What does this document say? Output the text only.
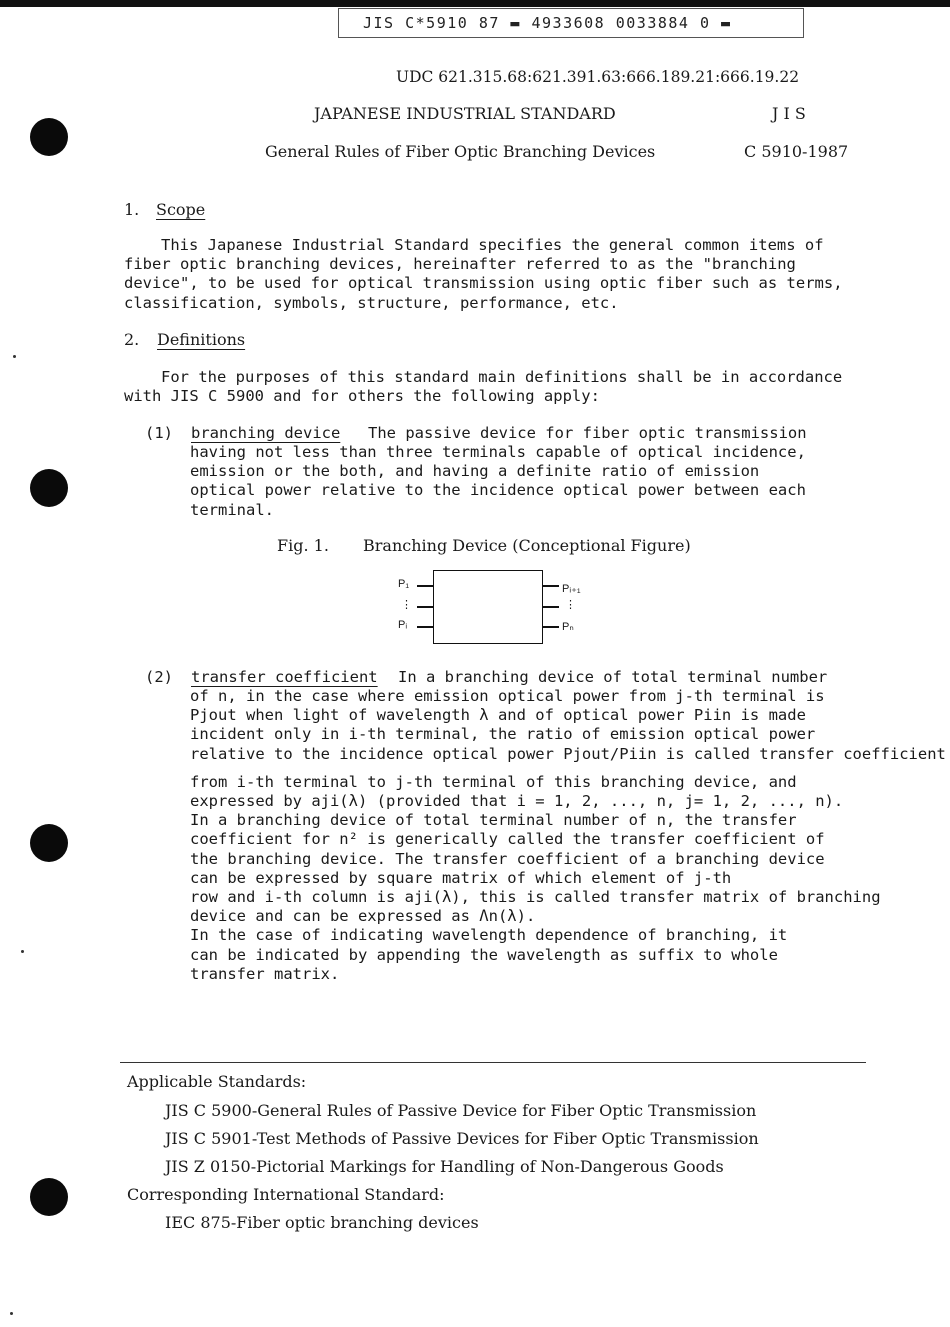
JIS C*5910 87 ▬ 4933608 0033884 0 ▬
UDC 621.315.68:621.391.63:666.189.21:666.19.22
JAPANESE INDUSTRIAL STANDARD	J I S
General Rules of Fiber Optic Branching Devices	C 5910-1987
1. Scope
This Japanese Industrial Standard specifies the general common items of
fiber optic branching devices, hereinafter referred to as the "branching
device", to be used for optical transmission using optic fiber such as terms,
classification, symbols, structure, performance, etc.
2. Definitions
For the purposes of this standard main definitions shall be in accordance
with JIS C 5900 and for others the following apply:
(1) branching device The passive device for fiber optic transmission
having not less than three terminals capable of optical incidence,
emission or the both, and having a definite ratio of emission
optical power relative to the incidence optical power between each
terminal.
Fig. 1. Branching Device (Conceptional Figure)
P₁
⋮
Pᵢ
Pᵢ₊₁
⋮
Pₙ
(2) transfer coefficient In a branching device of total terminal number
of n, in the case where emission optical power from j-th terminal is
Pjout when light of wavelength λ and of optical power Piin is made
incident only in i-th terminal, the ratio of emission optical power
relative to the incidence optical power Pjout/Piin is called transfer coefficient
from i-th terminal to j-th terminal of this branching device, and
expressed by aji(λ) (provided that i = 1, 2, ..., n, j= 1, 2, ..., n).
In a branching device of total terminal number of n, the transfer
coefficient for n² is generically called the transfer coefficient of
the branching device. The transfer coefficient of a branching device
can be expressed by square matrix of which element of j-th
row and i-th column is aji(λ), this is called transfer matrix of branching
device and can be expressed as Λn(λ).
In the case of indicating wavelength dependence of branching, it
can be indicated by appending the wavelength as suffix to whole
transfer matrix.
Applicable Standards:
JIS C 5900-General Rules of Passive Device for Fiber Optic Transmission
JIS C 5901-Test Methods of Passive Devices for Fiber Optic Transmission
JIS Z 0150-Pictorial Markings for Handling of Non-Dangerous Goods
Corresponding International Standard:
IEC 875-Fiber optic branching devices
